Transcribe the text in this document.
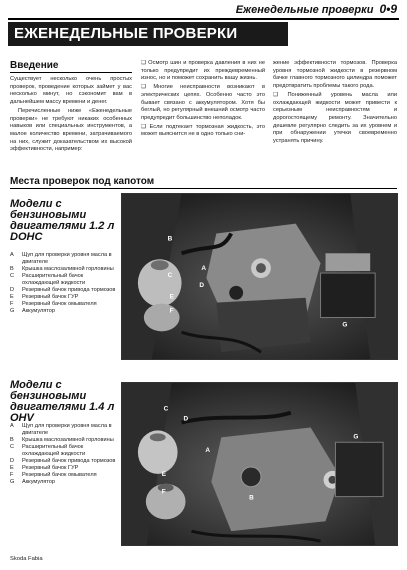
Еженедельные проверки 0•9
ЕЖЕНЕДЕЛЬНЫЕ ПРОВЕРКИ
Введение

Существует несколько очень простых проверок, проведение которых займет у вас несколько минут, но сэкономит вам в дальнейшем массу времени и денег.

Перечисленные ниже «Еженедельные проверки» не требуют никаких особенных навыков или специальных инструментов, а малое количество времени, затрачиваемого на них, служит доказательством их высокой эффективности, например:

❑ Осмотр шин и проверка давления в них не только предупредит их преждевременный износ, но и поможет сохранить вашу жизнь.

❑ Многие неисправности возникают в электрических цепях. Особенно часто это бывает связано с аккумулятором. Хотя бы беглый, но регулярный внешний осмотр часто предупредит большинство неполадок.

❑ Если подтекает тормозная жидкость, это может выяснится не в одно только сни-

жение эффективности тормозов. Проверка уровня тормозной жидкости в резервном бачке главного тормозного цилиндра поможет предотвратить проблемы такого рода.

❑ Пониженный уровень масла или охлаждающей жидкости может привести к серьезным неисправностям и дорогостоящему ремонту. Значительно дешевле регулярно следить за их уровнем и при обнаружении утечки своевременно устранять причину.

Места проверок под капотом
Модели с бензиновыми двигателями 1.2 л DOHC
A	Щуп для проверки уровня масла в двигателе
B	Крышка маслозаливной горловины
C	Расширительный бачок охлаждающей жидкости
D	Резервный бачок привода тормозов
E	Резервный бачок ГУР
F	Резервный бачок омывателя
G	Аккумулятор
A
B
C
D
E
F
G
Модели с бензиновыми двигателями 1.4 л OHV
A	Щуп для проверки уровня масла в двигателе
B	Крышка маслозаливной горловины
C	Расширительный бачок охлаждающей жидкости
D	Резервный бачок привода тормозов
E	Резервный бачок ГУР
F	Резервный бачок омывателя
G	Аккумулятор
A
B
C
D
E
F
G
Skoda Fabia
